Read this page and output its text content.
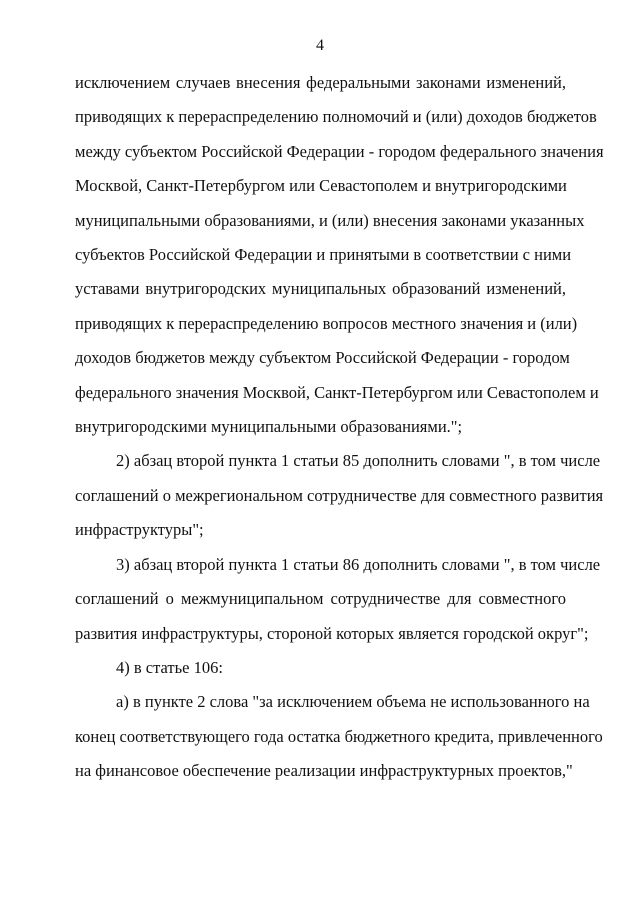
4

исключением случаев внесения федеральными законами изменений,
приводящих к перераспределению полномочий и (или) доходов бюджетов
между субъектом Российской Федерации - городом федерального значения
Москвой, Санкт-Петербургом или Севастополем и внутригородскими
муниципальными образованиями, и (или) внесения законами указанных
субъектов Российской Федерации и принятыми в соответствии с ними
уставами внутригородских муниципальных образований изменений,
приводящих к перераспределению вопросов местного значения и (или)
доходов бюджетов между субъектом Российской Федерации - городом
федерального значения Москвой, Санкт-Петербургом или Севастополем и
внутригородскими муниципальными образованиями.";

2) абзац второй пункта 1 статьи 85 дополнить словами ", в том числе
соглашений о межрегиональном сотрудничестве для совместного развития
инфраструктуры";

3) абзац второй пункта 1 статьи 86 дополнить словами ", в том числе
соглашений о межмуниципальном сотрудничестве для совместного
развития инфраструктуры, стороной которых является городской округ";

4) в статье 106:

а) в пункте 2 слова "за исключением объема не использованного на
конец соответствующего года остатка бюджетного кредита, привлеченного
на финансовое обеспечение реализации инфраструктурных проектов,"
